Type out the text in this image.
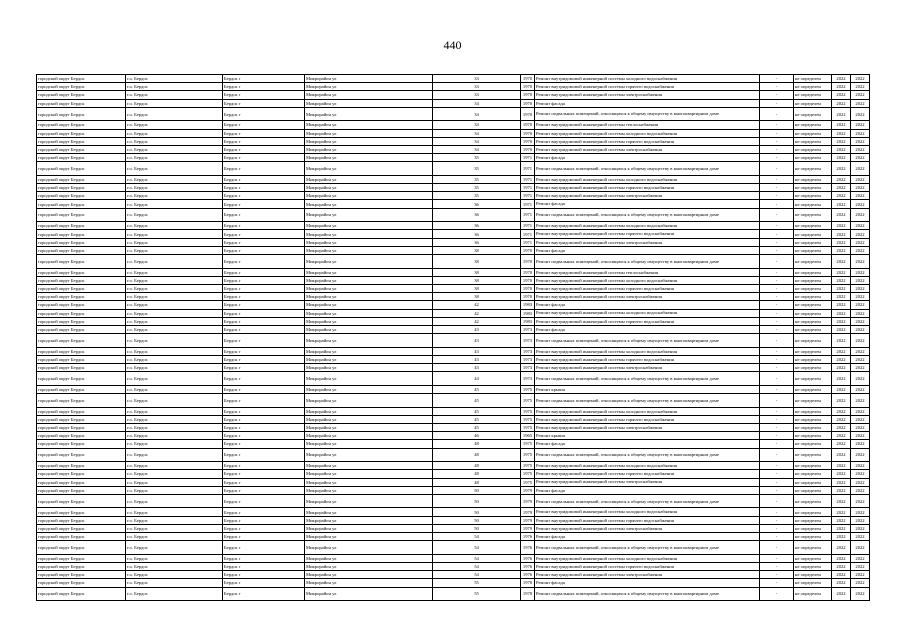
440
городской округ Бердск	г.о. Бердск	Бердск г	Микрорайон ул	33	1970	Ремонт внутридомовой инженерной системы холодного водоснабжения	-	не определен	2022	2022
городской округ Бердск	г.о. Бердск	Бердск г	Микрорайон ул	33	1970	Ремонт внутридомовой инженерной системы горячего водоснабжения	-	не определен	2022	2022
городской округ Бердск	г.о. Бердск	Бердск г	Микрорайон ул	33	1970	Ремонт внутридомовой инженерной системы электроснабжения	-	не определен	2022	2022
городской округ Бердск	г.о. Бердск	Бердск г	Микрорайон ул	34	1970	Ремонт фасада	-	не определен	2022	2022
городской округ Бердск	г.о. Бердск	Бердск г	Микрорайон ул	34	1970	Ремонт подвальных помещений, относящихся к общему имуществу в многоквартирном доме	-	не определен	2022	2022
городской округ Бердск	г.о. Бердск	Бердск г	Микрорайон ул	34	1970	Ремонт внутридомовой инженерной системы теплоснабжения	-	не определен	2022	2022
городской округ Бердск	г.о. Бердск	Бердск г	Микрорайон ул	34	1970	Ремонт внутридомовой инженерной системы холодного водоснабжения	-	не определен	2022	2022
городской округ Бердск	г.о. Бердск	Бердск г	Микрорайон ул	34	1970	Ремонт внутридомовой инженерной системы горячего водоснабжения	-	не определен	2022	2022
городской округ Бердск	г.о. Бердск	Бердск г	Микрорайон ул	34	1970	Ремонт внутридомовой инженерной системы электроснабжения	-	не определен	2022	2022
городской округ Бердск	г.о. Бердск	Бердск г	Микрорайон ул	35	1971	Ремонт фасада	-	не определен	2022	2022
городской округ Бердск	г.о. Бердск	Бердск г	Микрорайон ул	35	1971	Ремонт подвальных помещений, относящихся к общему имуществу в многоквартирном доме	-	не определен	2022	2022
городской округ Бердск	г.о. Бердск	Бердск г	Микрорайон ул	35	1971	Ремонт внутридомовой инженерной системы холодного водоснабжения	-	не определен	2022	2022
городской округ Бердск	г.о. Бердск	Бердск г	Микрорайон ул	35	1971	Ремонт внутридомовой инженерной системы горячего водоснабжения	-	не определен	2022	2022
городской округ Бердск	г.о. Бердск	Бердск г	Микрорайон ул	35	1971	Ремонт внутридомовой инженерной системы электроснабжения	-	не определен	2022	2022
городской округ Бердск	г.о. Бердск	Бердск г	Микрорайон ул	36	1971	Ремонт фасада	-	не определен	2022	2022
городской округ Бердск	г.о. Бердск	Бердск г	Микрорайон ул	36	1971	Ремонт подвальных помещений, относящихся к общему имуществу в многоквартирном доме	-	не определен	2022	2022
городской округ Бердск	г.о. Бердск	Бердск г	Микрорайон ул	36	1971	Ремонт внутридомовой инженерной системы холодного водоснабжения	-	не определен	2022	2022
городской округ Бердск	г.о. Бердск	Бердск г	Микрорайон ул	36	1971	Ремонт внутридомовой инженерной системы горячего водоснабжения	-	не определен	2022	2022
городской округ Бердск	г.о. Бердск	Бердск г	Микрорайон ул	36	1971	Ремонт внутридомовой инженерной системы электроснабжения	-	не определен	2022	2022
городской округ Бердск	г.о. Бердск	Бердск г	Микрорайон ул	38	1970	Ремонт фасада	-	не определен	2022	2022
городской округ Бердск	г.о. Бердск	Бердск г	Микрорайон ул	38	1970	Ремонт подвальных помещений, относящихся к общему имуществу в многоквартирном доме	-	не определен	2022	2022
городской округ Бердск	г.о. Бердск	Бердск г	Микрорайон ул	38	1970	Ремонт внутридомовой инженерной системы теплоснабжения	-	не определен	2022	2022
городской округ Бердск	г.о. Бердск	Бердск г	Микрорайон ул	38	1970	Ремонт внутридомовой инженерной системы холодного водоснабжения	-	не определен	2022	2022
городской округ Бердск	г.о. Бердск	Бердск г	Микрорайон ул	38	1970	Ремонт внутридомовой инженерной системы горячего водоснабжения	-	не определен	2022	2022
городской округ Бердск	г.о. Бердск	Бердск г	Микрорайон ул	38	1970	Ремонт внутридомовой инженерной системы электроснабжения	-	не определен	2022	2022
городской округ Бердск	г.о. Бердск	Бердск г	Микрорайон ул	42	1983	Ремонт фасада	-	не определен	2022	2022
городской округ Бердск	г.о. Бердск	Бердск г	Микрорайон ул	42	1983	Ремонт внутридомовой инженерной системы холодного водоснабжения	-	не определен	2022	2022
городской округ Бердск	г.о. Бердск	Бердск г	Микрорайон ул	42	1983	Ремонт внутридомовой инженерной системы горячего водоснабжения	-	не определен	2022	2022
городской округ Бердск	г.о. Бердск	Бердск г	Микрорайон ул	43	1973	Ремонт фасада	-	не определен	2022	2022
городской округ Бердск	г.о. Бердск	Бердск г	Микрорайон ул	43	1973	Ремонт подвальных помещений, относящихся к общему имуществу в многоквартирном доме	-	не определен	2022	2022
городской округ Бердск	г.о. Бердск	Бердск г	Микрорайон ул	43	1973	Ремонт внутридомовой инженерной системы холодного водоснабжения	-	не определен	2022	2022
городской округ Бердск	г.о. Бердск	Бердск г	Микрорайон ул	43	1973	Ремонт внутридомовой инженерной системы горячего водоснабжения	-	не определен	2022	2022
городской округ Бердск	г.о. Бердск	Бердск г	Микрорайон ул	43	1973	Ремонт внутридомовой инженерной системы электроснабжения	-	не определен	2022	2022
городской округ Бердск	г.о. Бердск	Бердск г	Микрорайон ул	44	1973	Ремонт подвальных помещений, относящихся к общему имуществу в многоквартирном доме	-	не определен	2022	2022
городской округ Бердск	г.о. Бердск	Бердск г	Микрорайон ул	45	1975	Ремонт крыши	-	не определен	2022	2022
городской округ Бердск	г.о. Бердск	Бердск г	Микрорайон ул	45	1975	Ремонт подвальных помещений, относящихся к общему имуществу в многоквартирном доме	-	не определен	2022	2022
городской округ Бердск	г.о. Бердск	Бердск г	Микрорайон ул	45	1975	Ремонт внутридомовой инженерной системы холодного водоснабжения	-	не определен	2022	2022
городской округ Бердск	г.о. Бердск	Бердск г	Микрорайон ул	45	1975	Ремонт внутридомовой инженерной системы горячего водоснабжения	-	не определен	2022	2022
городской округ Бердск	г.о. Бердск	Бердск г	Микрорайон ул	45	1975	Ремонт внутридомовой инженерной системы электроснабжения	-	не определен	2022	2022
городской округ Бердск	г.о. Бердск	Бердск г	Микрорайон ул	46	1965	Ремонт крыши	-	не определен	2022	2022
городской округ Бердск	г.о. Бердск	Бердск г	Микрорайон ул	48	1975	Ремонт фасада	-	не определен	2022	2022
городской округ Бердск	г.о. Бердск	Бердск г	Микрорайон ул	48	1975	Ремонт подвальных помещений, относящихся к общему имуществу в многоквартирном доме	-	не определен	2022	2022
городской округ Бердск	г.о. Бердск	Бердск г	Микрорайон ул	48	1975	Ремонт внутридомовой инженерной системы холодного водоснабжения	-	не определен	2022	2022
городской округ Бердск	г.о. Бердск	Бердск г	Микрорайон ул	48	1975	Ремонт внутридомовой инженерной системы горячего водоснабжения	-	не определен	2022	2022
городской округ Бердск	г.о. Бердск	Бердск г	Микрорайон ул	48	1975	Ремонт внутридомовой инженерной системы электроснабжения	-	не определен	2022	2022
городской округ Бердск	г.о. Бердск	Бердск г	Микрорайон ул	50	1979	Ремонт фасада	-	не определен	2022	2022
городской округ Бердск	г.о. Бердск	Бердск г	Микрорайон ул	50	1979	Ремонт подвальных помещений, относящихся к общему имуществу в многоквартирном доме	-	не определен	2022	2022
городской округ Бердск	г.о. Бердск	Бердск г	Микрорайон ул	50	1979	Ремонт внутридомовой инженерной системы холодного водоснабжения	-	не определен	2022	2022
городской округ Бердск	г.о. Бердск	Бердск г	Микрорайон ул	50	1979	Ремонт внутридомовой инженерной системы горячего водоснабжения	-	не определен	2022	2022
городской округ Бердск	г.о. Бердск	Бердск г	Микрорайон ул	50	1979	Ремонт внутридомовой инженерной системы электроснабжения	-	не определен	2022	2022
городской округ Бердск	г.о. Бердск	Бердск г	Микрорайон ул	54	1976	Ремонт фасада	-	не определен	2022	2022
городской округ Бердск	г.о. Бердск	Бердск г	Микрорайон ул	54	1976	Ремонт подвальных помещений, относящихся к общему имуществу в многоквартирном доме	-	не определен	2022	2022
городской округ Бердск	г.о. Бердск	Бердск г	Микрорайон ул	54	1976	Ремонт внутридомовой инженерной системы холодного водоснабжения	-	не определен	2022	2022
городской округ Бердск	г.о. Бердск	Бердск г	Микрорайон ул	54	1976	Ремонт внутридомовой инженерной системы горячего водоснабжения	-	не определен	2022	2022
городской округ Бердск	г.о. Бердск	Бердск г	Микрорайон ул	54	1976	Ремонт внутридомовой инженерной системы электроснабжения	-	не определен	2022	2022
городской округ Бердск	г.о. Бердск	Бердск г	Микрорайон ул	55	1978	Ремонт фасада	-	не определен	2022	2022
городской округ Бердск	г.о. Бердск	Бердск г	Микрорайон ул	55	1978	Ремонт подвальных помещений, относящихся к общему имуществу в многоквартирном доме	-	не определен	2022	2022
